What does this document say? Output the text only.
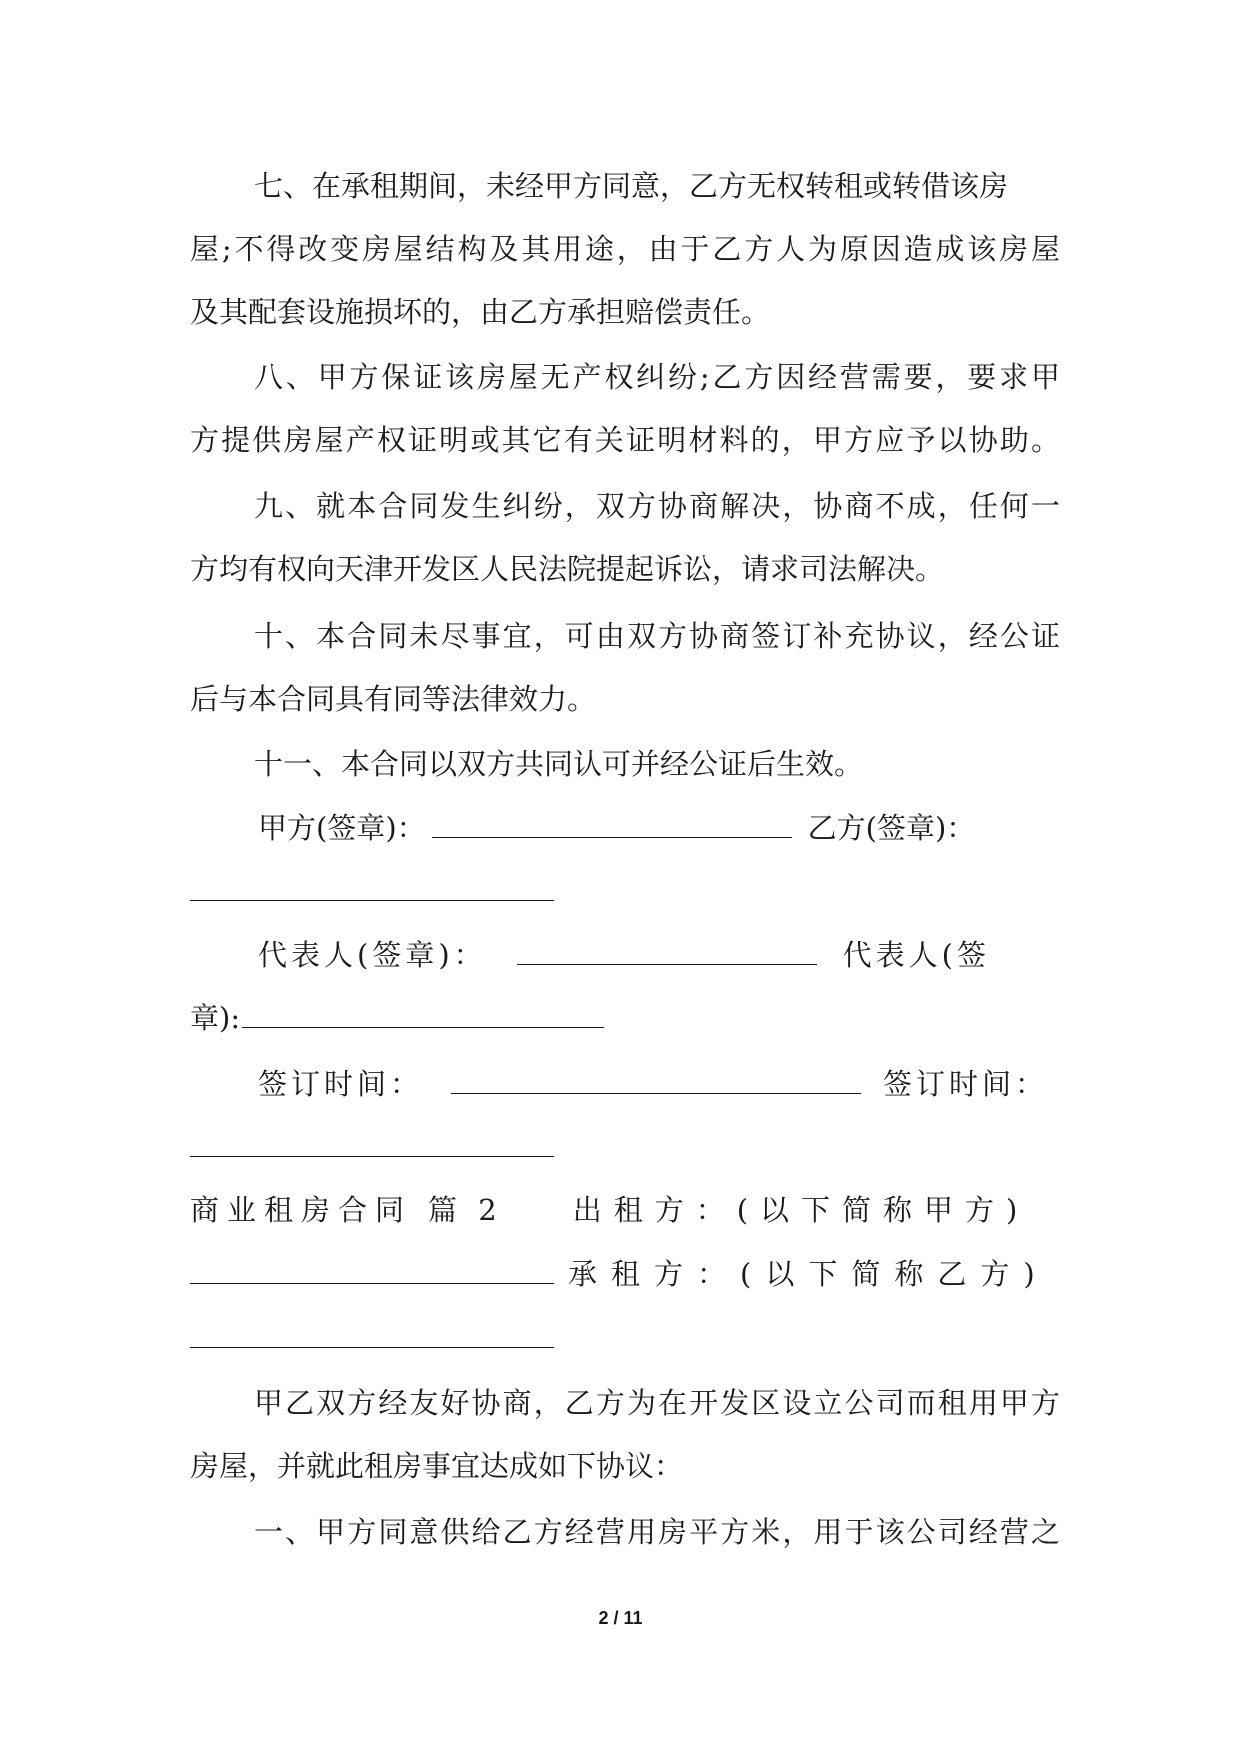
七、在承租期间，未经甲方同意，乙方无权转租或转借该房
屋;不得改变房屋结构及其用途，由于乙方人为原因造成该房屋
及其配套设施损坏的，由乙方承担赔偿责任。
八、甲方保证该房屋无产权纠纷;乙方因经营需要，要求甲
方提供房屋产权证明或其它有关证明材料的，甲方应予以协助。
九、就本合同发生纠纷，双方协商解决，协商不成，任何一
方均有权向天津开发区人民法院提起诉讼，请求司法解决。
十、本合同未尽事宜，可由双方协商签订补充协议，经公证
后与本合同具有同等法律效力。
十一、本合同以双方共同认可并经公证后生效。
甲方(签章)：	乙方(签章)：
代表人(签章)：	代表人(签
章):
签订时间：	签订时间：
商业租房合同 篇 2 出租方：(以下简称甲方)
承租方：(以下简称乙方)
甲乙双方经友好协商，乙方为在开发区设立公司而租用甲方
房屋，并就此租房事宜达成如下协议：
一、甲方同意供给乙方经营用房平方米，用于该公司经营之
2 / 11
